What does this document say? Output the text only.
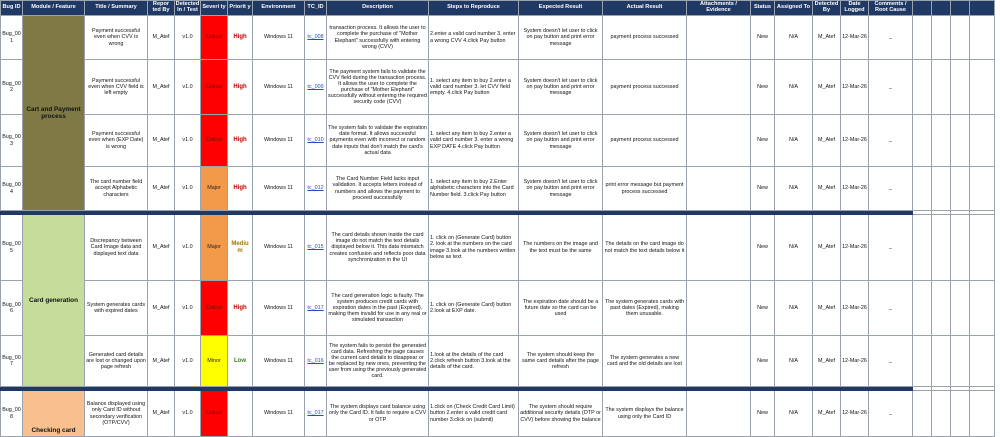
Bug ID	Module / Feature	Title / Summary	Repor ted By	Detected In / Test	Severi ty	Priorit y	Environment	TC_ID	Description	Steps to Reproduce	Expected Result	Actual Result	Attachments / Evidence	Status	Assigned To	Detected By	Date Logged	Comments / Root Cause				
Bug_00 1	Cart and Payment process	Payment successful even when CVV is wrong	M_Atef	v1.0	Critical	High	Windows 11	tc_008	transaction process. It allows the user to complete the purchase of "Mother Elephant" successfully with entering wrong (CVV)	2.enter a valid card number 3. enter a wrong CVV 4.click Pay button	System doesn't let user to click on pay button and print error message	payment process successed		New	N/A	M_Atef	12-Mar-26	_				
Bug_00 2		Payment successful even when CVV field is left empty	M_Atef	v1.0	Critical	High	Windows 11	tc_009	The payment system fails to validate the CVV field during the transaction process. It allows the user to complete the purchase of "Mother Elephant" successfully without entering the required security code (CVV)	1. select any item to buy 2.enter a valid card number 3. let CVV field empty. 4.click Pay button	System doesn't let user to click on pay button and print error message	payment process successed		New	N/A	M_Atef	12-Mar-26	_				
Bug_00 3		Payment successful even when (EXP Date) is wrong	M_Atef	v1.0	Critical	High	Windows 11	tc_010	The system fails to validate the expiration date format. It allows successful payments even with incorrect or random date inputs that don't match the card's actual data	1. select any item to buy 2.enter a valid card number 3. enter a wrong EXP DATE 4.click Pay button	System doesn't let user to click on pay button and print error message	payment process successed		New	N/A	M_Atef	12-Mar-26	_				
Bug_00 4		The card number field accept Alphabetic characters	M_Atef	v1.0	Major	High	Windows 11	tc_012	The Card Number Field lacks input validation. It accepts letters instead of numbers and allows the payment to proceed successfully	1. select any item to buy 2.Enter alphabetic characters into the Card Number field. 3.click Pay button	System doesn't let user to click on pay button and print error message	print error message but payment process successed		New	N/A	M_Atef	12-Mar-26	_				

Bug_00 5	Card generation	Discrepancy between Card Image data and displayed text data	M_Atef	v1.0	Major	Mediu m	Windows 11	tc_015	The card details shown inside the card image do not match the text details displayed below it. This data mismatch creates confusion and reflects poor data synchronization in the UI	1. click on (Generate Card) button 2. look at the numbers on the card image 3.look at the numbers written below as text	The numbers on the image and the text must be the same	The details on the card image do not match the text details below it		New	N/A	M_Atef	12-Mar-26	_				
Bug_00 6		System generates cards with expired dates	M_Atef	v1.0	Critical	High	Windows 11	tc_017	The card generation logic is faulty. The system produces credit cards with expiration dates in the past (Expired), making them invalid for use in any real or simulated transaction	1. click on (Generate Card) button 2.look at EXP date.	The expiration date should be a future date so the card can be used	The system generates cards with past dates (Expired), making them unusable.		New	N/A	M_Atef	12-Mar-26	_				
Bug_00 7		Generated card details are lost or changed upon page refresh	M_Atef	v1.0	Minor	Low	Windows 11	tc_016	The system fails to persist the generated card data. Refreshing the page causes the current card details to disappear or be replaced by new ones, preventing the user from using the previously generated card.	1.look at the details of the card 2.click refresh button 3.look at the details of the card.	The system should keep the same card details after the page refresh	The system generates a new card and the old details are lost		New	N/A	M_Atef	12-Mar-26	_				

Bug_00 8	Checking card	Balance displayed using only Card ID without secondary verification (OTP/CVV)	M_Atef	v1.0	Critical		Windows 11	tc_017	The system displays card balance using only the Card ID. It fails to require a CVV or OTP	1.click on (Check Credit Card Limit) button 2.enter a valid credit card number 3.click on (submit)	The system should require additional security details (OTP or CVV) before showing the balance	The system displays the balance using only the Card ID		New	N/A	M_Atef	12-Mar-26	_				
